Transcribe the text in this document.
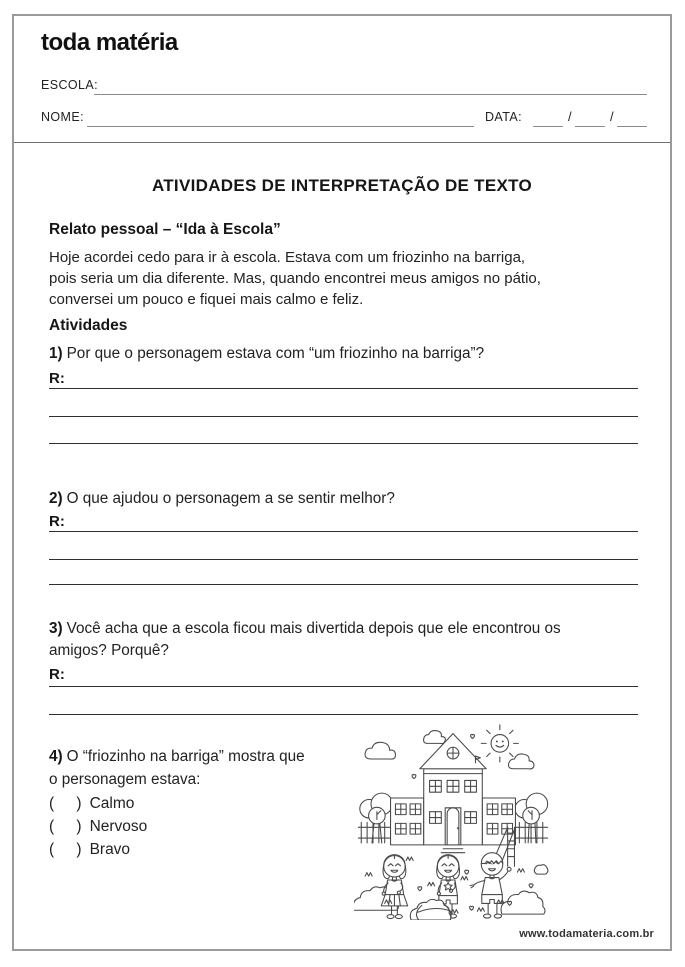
toda matéria
ESCOLA:
NOME:	DATA:	/	/
ATIVIDADES DE INTERPRETAÇÃO DE TEXTO
Relato pessoal – “Ida à Escola”
Hoje acordei cedo para ir à escola. Estava com um friozinho na barriga,
pois seria um dia diferente. Mas, quando encontrei meus amigos no pátio,
conversei um pouco e fiquei mais calmo e feliz.
Atividades
1) Por que o personagem estava com “um friozinho na barriga”?
R:
2) O que ajudou o personagem a se sentir melhor?
R:
3) Você acha que a escola ficou mais divertida depois que ele encontrou os
amigos? Porquê?
R:
4) O “friozinho na barriga” mostra que
o personagem estava:
(    ) Calmo
(    ) Nervoso
(    ) Bravo
www.todamateria.com.br
